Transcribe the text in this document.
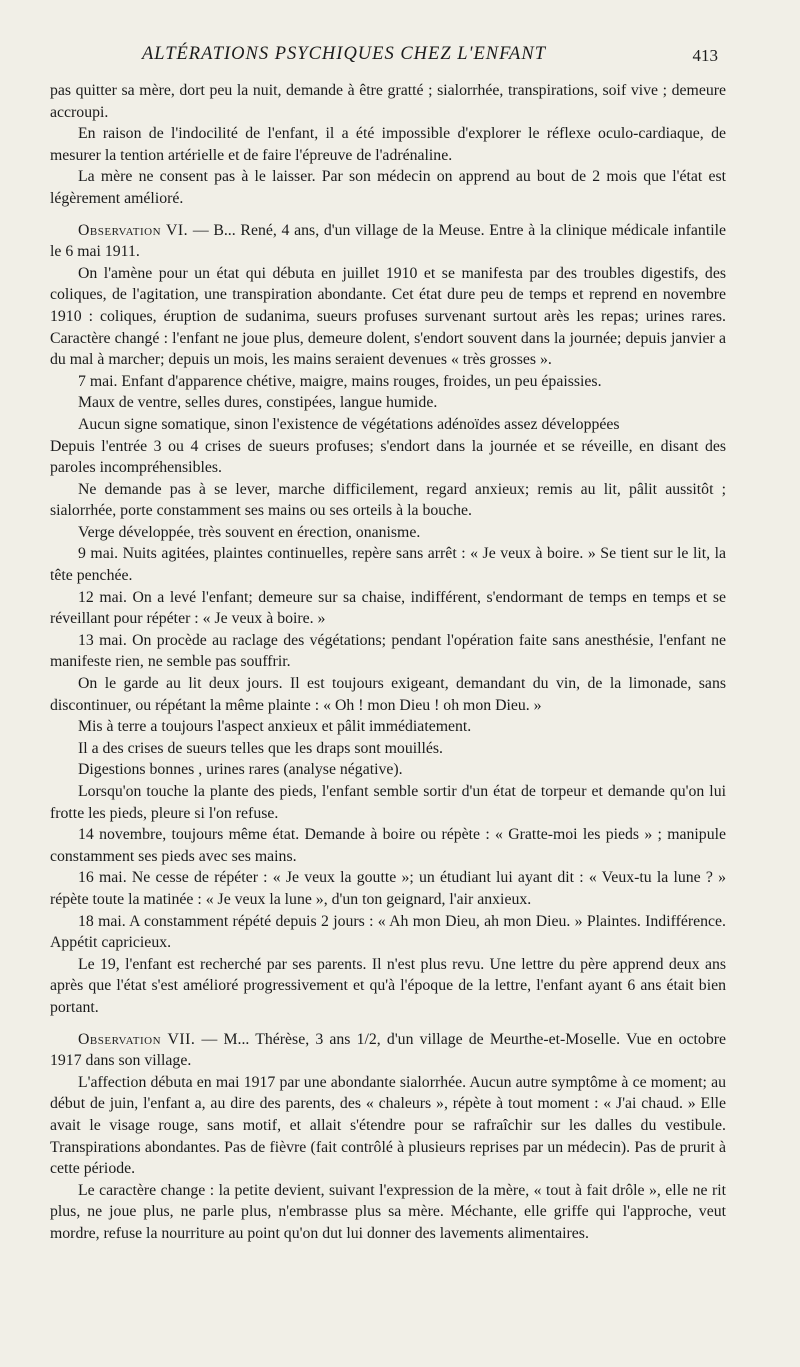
ALTÉRATIONS PSYCHIQUES CHEZ L'ENFANT	413

pas quitter sa mère, dort peu la nuit, demande à être gratté ; sialorrhée, transpirations, soif vive ; demeure accroupi.

En raison de l'indocilité de l'enfant, il a été impossible d'explorer le réflexe oculo-cardiaque, de mesurer la tention artérielle et de faire l'épreuve de l'adrénaline.

La mère ne consent pas à le laisser. Par son médecin on apprend au bout de 2 mois que l'état est légèrement amélioré.

Observation VI. — B... René, 4 ans, d'un village de la Meuse. Entre à la clinique médicale infantile le 6 mai 1911.

On l'amène pour un état qui débuta en juillet 1910 et se manifesta par des troubles digestifs, des coliques, de l'agitation, une transpiration abondante. Cet état dure peu de temps et reprend en novembre 1910 : coliques, éruption de sudanima, sueurs profuses survenant surtout arès les repas; urines rares. Caractère changé : l'enfant ne joue plus, demeure dolent, s'endort souvent dans la journée; depuis janvier a du mal à marcher; depuis un mois, les mains seraient devenues « très grosses ».

7 mai. Enfant d'apparence chétive, maigre, mains rouges, froides, un peu épaissies.

Maux de ventre, selles dures, constipées, langue humide.

Aucun signe somatique, sinon l'existence de végétations adénoïdes assez développées

Depuis l'entrée 3 ou 4 crises de sueurs profuses; s'endort dans la journée et se réveille, en disant des paroles incompréhensibles.

Ne demande pas à se lever, marche difficilement, regard anxieux; remis au lit, pâlit aussitôt ; sialorrhée, porte constamment ses mains ou ses orteils à la bouche.

Verge développée, très souvent en érection, onanisme.

9 mai. Nuits agitées, plaintes continuelles, repère sans arrêt : « Je veux à boire. » Se tient sur le lit, la tête penchée.

12 mai. On a levé l'enfant; demeure sur sa chaise, indifférent, s'endormant de temps en temps et se réveillant pour répéter : « Je veux à boire. »

13 mai. On procède au raclage des végétations; pendant l'opération faite sans anesthésie, l'enfant ne manifeste rien, ne semble pas souffrir.

On le garde au lit deux jours. Il est toujours exigeant, demandant du vin, de la limonade, sans discontinuer, ou répétant la même plainte : « Oh ! mon Dieu ! oh mon Dieu. »

Mis à terre a toujours l'aspect anxieux et pâlit immédiatement.

Il a des crises de sueurs telles que les draps sont mouillés.

Digestions bonnes , urines rares (analyse négative).

Lorsqu'on touche la plante des pieds, l'enfant semble sortir d'un état de torpeur et demande qu'on lui frotte les pieds, pleure si l'on refuse.

14 novembre, toujours même état. Demande à boire ou répète : « Gratte-moi les pieds » ; manipule constamment ses pieds avec ses mains.

16 mai. Ne cesse de répéter : « Je veux la goutte »; un étudiant lui ayant dit : « Veux-tu la lune ? » répète toute la matinée : « Je veux la lune », d'un ton geignard, l'air anxieux.

18 mai. A constamment répété depuis 2 jours : « Ah mon Dieu, ah mon Dieu. » Plaintes. Indifférence. Appétit capricieux.

Le 19, l'enfant est recherché par ses parents. Il n'est plus revu. Une lettre du père apprend deux ans après que l'état s'est amélioré progressivement et qu'à l'époque de la lettre, l'enfant ayant 6 ans était bien portant.

Observation VII. — M... Thérèse, 3 ans 1/2, d'un village de Meurthe-et-Moselle. Vue en octobre 1917 dans son village.

L'affection débuta en mai 1917 par une abondante sialorrhée. Aucun autre symptôme à ce moment; au début de juin, l'enfant a, au dire des parents, des « chaleurs », répète à tout moment : « J'ai chaud. » Elle avait le visage rouge, sans motif, et allait s'étendre pour se rafraîchir sur les dalles du vestibule. Transpirations abondantes. Pas de fièvre (fait contrôlé à plusieurs reprises par un médecin). Pas de prurit à cette période.

Le caractère change : la petite devient, suivant l'expression de la mère, « tout à fait drôle », elle ne rit plus, ne joue plus, ne parle plus, n'embrasse plus sa mère. Méchante, elle griffe qui l'approche, veut mordre, refuse la nourriture au point qu'on dut lui donner des lavements alimentaires.
